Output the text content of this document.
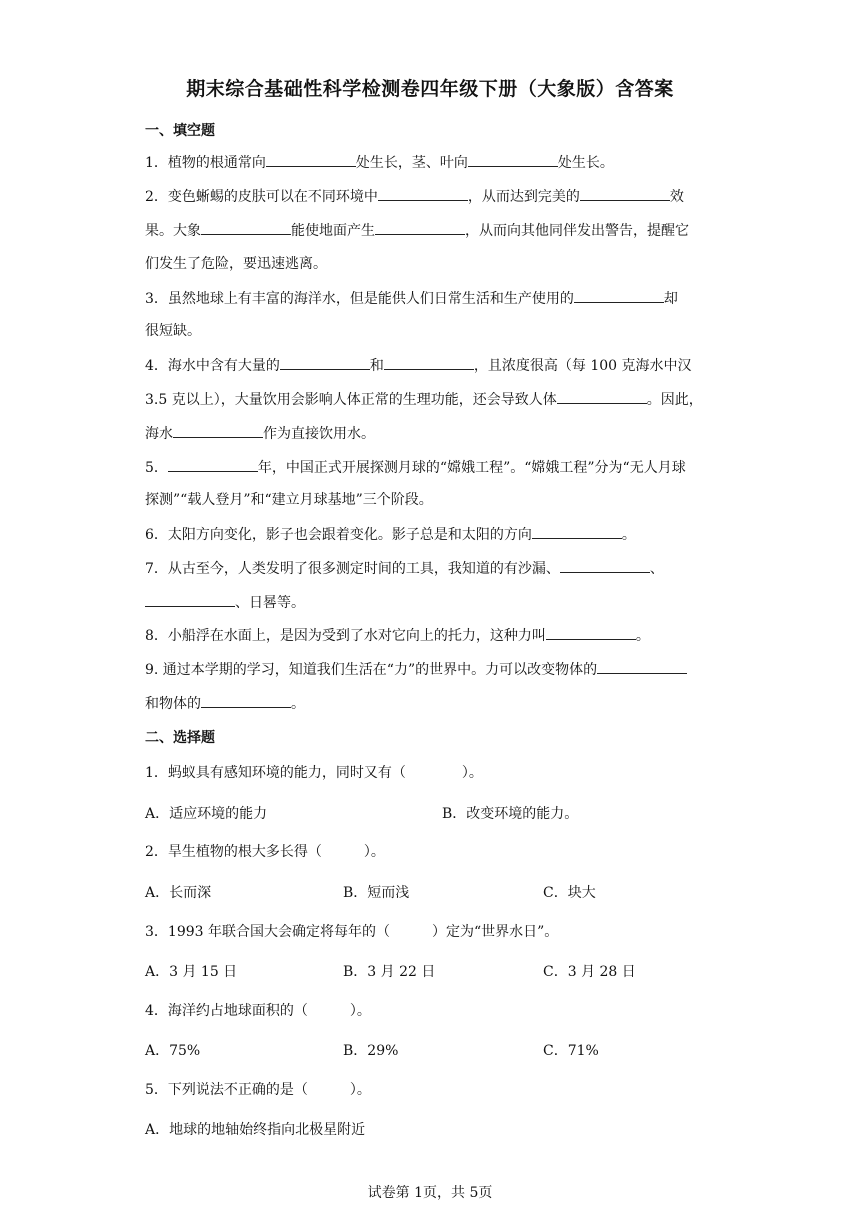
期末综合基础性科学检测卷四年级下册（大象版）含答案
一、填空题
1．植物的根通常向	处生长，茎、叶向	处生长。
2．变色蜥蜴的皮肤可以在不同环境中	，从而达到完美的	效
果。大象	能使地面产生	，从而向其他同伴发出警告，提醒它
们发生了危险，要迅速逃离。
3．虽然地球上有丰富的海洋水，但是能供人们日常生活和生产使用的	却
很短缺。
4．海水中含有大量的	和	，且浓度很高（每 100 克海水中汉
3.5 克以上），大量饮用会影响人体正常的生理功能，还会导致人体	。因此，
海水	作为直接饮用水。
5．	年，中国正式开展探测月球的“嫦娥工程”。“嫦娥工程”分为“无人月球
探测”“载人登月”和“建立月球基地”三个阶段。
6．太阳方向变化，影子也会跟着变化。影子总是和太阳的方向	。
7．从古至今，人类发明了很多测定时间的工具，我知道的有沙漏、	、
、日晷等。
8．小船浮在水面上，是因为受到了水对它向上的托力，这种力叫	。
9. 通过本学期的学习，知道我们生活在“力”的世界中。力可以改变物体的
和物体的	。
二、选择题
1．蚂蚁具有感知环境的能力，同时又有（　　　　）。
A．适应环境的能力	B．改变环境的能力。
2．旱生植物的根大多长得（　　　）。
A．长而深	B．短而浅	C．块大
3．1993 年联合国大会确定将每年的（　　　）定为“世界水日”。
A．3 月 15 日	B．3 月 22 日	C．3 月 28 日
4．海洋约占地球面积的（　　　）。
A．75%	B．29%	C．71%
5．下列说法不正确的是（　　　）。
A．地球的地轴始终指向北极星附近
试卷第 1页，共 5页
